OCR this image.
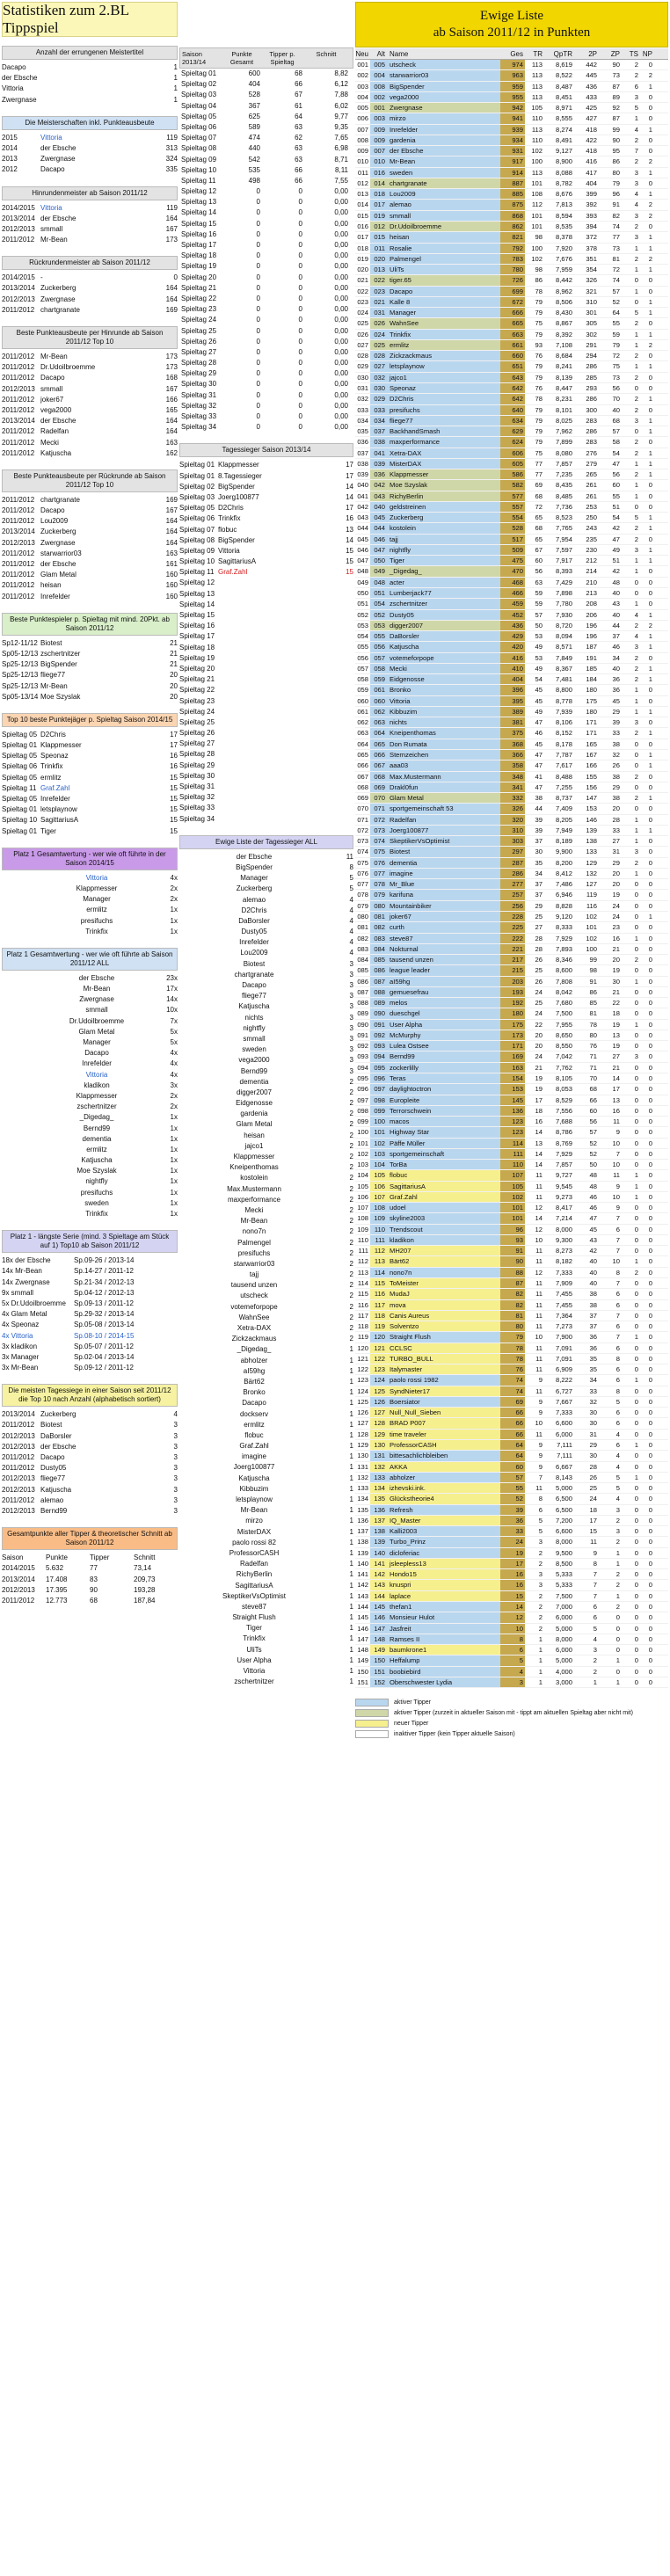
Statistiken zum 2.BL Tippspiel
Anzahl der errungenen Meistertitel
Dacapo	1
der Ebsche	1
Vittoria	1
Zwergnase	1
Die Meisterschaften inkl. Punkteausbeute
2015	Vittoria	119
2014	der Ebsche	313
2013	Zwergnase	324
2012	Dacapo	335
Hinrundenmeister ab Saison 2011/12
2014/2015 Vittoria	119
2013/2014 der Ebsche	164
2012/2013 smmall	167
2011/2012 Mr-Bean	173
Rückrundenmeister ab Saison 2011/12
2014/2015 -	0
2013/2014 Zuckerberg	164
2012/2013 Zwergnase	164
2011/2012 chartgranate	169
Beste Punkteausbeute per Hinrunde ab Saison 2011/12 Top 10
2011/2012 Mr-Bean	173
2011/2012 Dr.Udoilbroemme	173
2011/2012 Dacapo	168
2012/2013 smmall	167
2011/2012 joker67	166
2011/2012 vega2000	165
2013/2014 der Ebsche	164
2011/2012 Radelfan	164
2011/2012 Mecki	163
2011/2012 Katjuscha	162
Beste Punkteausbeute per Rückrunde ab Saison 2011/12 Top 10
2011/2012 chartgranate	169
2011/2012 Dacapo	167
2011/2012 Lou2009	164
2013/2014 Zuckerberg	164
2012/2013 Zwergnase	164
2011/2012 starwarrior03	163
2011/2012 der Ebsche	161
2011/2012 Glam Metal	160
2011/2012 heisan	160
2011/2012 Inrefelder	160
Beste Punktespieler p. Spieltag mit mind. 20Pkt. ab Saison 2011/12
Sp12-11/12 Biotest	21
Sp05-12/13 zschertnitzer	21
Sp25-12/13 BigSpender	21
Sp25-12/13 fliege77	20
Sp25-12/13 Mr-Bean	20
Sp05-13/14 Moe Szyslak	20
Top 10 beste Punktejäger p. Spieltag Saison 2014/15
Spieltag 05 D2Chris	17
Spieltag 01 Klappmesser	17
Spieltag 05 Speonaz	16
Spieltag 06 Trinkfix	16
Spieltag 05 ermlitz	15
Spieltag 11 Graf.Zahl	15
Spieltag 05 Inrefelder	15
Spieltag 01 letsplaynow	15
Spieltag 10 SagittariusA	15
Spieltag 01 Tiger	15
Platz 1 Gesamtwertung - wer wie oft führte in der Saison 2014/15
Vittoria	4x
Klappmesser	2x
Manager	2x
ermlitz	1x
presifuchs	1x
Trinkfix	1x
Platz 1 Gesamtwertung - wer wie oft führte ab Saison 2011/12 ALL
der Ebsche	23x
Mr-Bean	17x
Zwergnase	14x
smmall	10x
Dr.Udoilbroemme	7x
Glam Metal	5x
Manager	5x
Dacapo	4x
Inrefelder	4x
Vittoria	4x
kladikon	3x
Klappmesser	2x
zschertnitzer	2x
_Digedag_	1x
Bernd99	1x
dementia	1x
ermlitz	1x
Katjuscha	1x
Moe Szyslak	1x
nightfly	1x
presifuchs	1x
sweden	1x
Trinkfix	1x
Platz 1 - längste Serie (mind. 3 Spieltage am Stück auf 1) Top10 ab Saison 2011/12
18x der Ebsche	Sp.09-26 / 2013-14
14x Mr-Bean	Sp.14-27 / 2011-12
14x Zwergnase	Sp.21-34 / 2012-13
9x smmall	Sp.04-12 / 2012-13
5x Dr.Udoilbroemme	Sp.09-13 / 2011-12
4x Glam Metal	Sp.29-32 / 2013-14
4x Speonaz	Sp.05-08 / 2013-14
4x Vittoria	Sp.08-10 / 2014-15
3x kladikon	Sp.05-07 / 2011-12
3x Manager	Sp.02-04 / 2013-14
3x Mr-Bean	Sp.09-12 / 2011-12
Die meisten Tagessiege in einer Saison seit 2011/12 die Top 10 nach Anzahl (alphabetisch sortiert)
2013/2014 Zuckerberg	4
2011/2012 Biotest	3
2012/2013 DaBorsler	3
2012/2013 der Ebsche	3
2011/2012 Dacapo	3
2011/2012 Dusty05	3
2012/2013 fliege77	3
2012/2013 Katjuscha	3
2011/2012 alemao	3
2012/2013 Bernd99	3
Gesamtpunkte aller Tipper & theoretischer Schnitt ab Saison 2011/12
Saison	Punkte	Tipper	Schnitt
2014/2015	5.632	77	73,14
2013/2014	17.408	83	209,73
2012/2013	17.395	90	193,28
2011/2012	12.773	68	187,84
Saison 2013/14
Punkte Gesamt
Tipper p. Spieltag
Schnitt
Spieltag 01	600	68	8,82
Spieltag 02	404	66	6,12
Spieltag 03	528	67	7,88
Spieltag 04	367	61	6,02
Spieltag 05	625	64	9,77
Spieltag 06	589	63	9,35
Spieltag 07	474	62	7,65
Spieltag 08	440	63	6,98
Spieltag 09	542	63	8,71
Spieltag 10	535	66	8,11
Spieltag 11	498	66	7,55
Spieltag 12	0	0	0,00
Spieltag 13	0	0	0,00
Spieltag 14	0	0	0,00
Spieltag 15	0	0	0,00
Spieltag 16	0	0	0,00
Spieltag 17	0	0	0,00
Spieltag 18	0	0	0,00
Spieltag 19	0	0	0,00
Spieltag 20	0	0	0,00
Spieltag 21	0	0	0,00
Spieltag 22	0	0	0,00
Spieltag 23	0	0	0,00
Spieltag 24	0	0	0,00
Spieltag 25	0	0	0,00
Spieltag 26	0	0	0,00
Spieltag 27	0	0	0,00
Spieltag 28	0	0	0,00
Spieltag 29	0	0	0,00
Spieltag 30	0	0	0,00
Spieltag 31	0	0	0,00
Spieltag 32	0	0	0,00
Spieltag 33	0	0	0,00
Spieltag 34	0	0	0,00
Tagessieger Saison 2013/14
Spieltag 01 Klappmesser	17
Spieltag 01 8.Tagessieger	17
Spieltag 02 BigSpender	14
Spieltag 03 Joerg100877	14
Spieltag 05 D2Chris	17
Spieltag 06 Trinkfix	16
Spieltag 07 flobuc	13
Spieltag 08 BigSpender	14
Spieltag 09 Vittoria	15
Spieltag 10 SagittariusA	15
Spieltag 11 Graf.Zahl	15
Spieltag 12
Spieltag 13
Spieltag 14
Spieltag 15
Spieltag 16
Spieltag 17
Spieltag 18
Spieltag 19
Spieltag 20
Spieltag 21
Spieltag 22
Spieltag 23
Spieltag 24
Spieltag 25
Spieltag 26
Spieltag 27
Spieltag 28
Spieltag 29
Spieltag 30
Spieltag 31
Spieltag 32
Spieltag 33
Spieltag 34
Ewige Liste der Tagessieger ALL
der Ebsche	11
BigSpender	8
Manager	5
Zuckerberg	5
alemao	4
D2Chris	4
DaBorsler	4
Dusty05	4
Inrefelder	4
Lou2009	4
Biotest	3
chartgranate	3
Dacapo	3
fliege77	3
Katjuscha	3
nichts	3
nightfly	3
smmall	3
sweden	3
vega2000	3
Bernd99	3
dementia	2
digger2007	2
Eidgenosse	2
gardenia	2
Glam Metal	2
heisan	2
jajco1	2
Klappmesser	2
Kneipenthomas	2
kostolein	2
Max.Mustermann	2
maxperformance	2
Mecki	2
Mr-Bean	2
nono7n	2
Palmengel	2
presifuchs	2
starwarrior03	2
tajj	2
tausend unzen	2
utscheck	2
votemeforpope	2
WahnSee	2
Xetra-DAX	2
Zickzackmaus	2
_Digedag_	1
abholzer	1
aI59hg	1
Bärt62	1
Bronko	1
Dacapo	1
dockserv	1
ermlitz	1
flobuc	1
Graf.Zahl	1
imagine	1
Joerg100877	1
Katjuscha	1
Kibbuzim	1
letsplaynow	1
Mr-Bean	1
mirzo	1
MisterDAX	1
paolo rossi 82	1
ProfessorCASH	1
Radelfan	1
RichyBerlin	1
SagittariusA	1
SkeptikerVsOptimist	1
steve87	1
Straight Flush	1
Tiger	1
Trinkfix	1
UliTs	1
User Alpha	1
Vittoria	1
zschertnitzer	1
Ewige Liste
ab Saison 2011/12 in Punkten
Neu	Alt Name	Ges	TR	QpTR	2P	ZP	TS NP
001 005 utscheck	974	113	8,619	442	90	2	0
002 004 starwarrior03	963	113	8,522	445	73	2	2
003 008 BigSpender	959	113	8,487	436	87	6	1
004 002 vega2000	955	113	8,451	433	89	3	0
005 001 Zwergnase	942	105	8,971	425	92	5	0
006 003 mirzo	941	110	8,555	427	87	1	0
007 009 Inrefelder	939	113	8,274	418	99	4	1
008 009 gardenia	934	110	8,491	422	90	2	0
009 007 der Ebsche	931	102	9,127	418	95	7	0
010 010 Mr-Bean	917	100	8,900	416	86	2	2
011 016 sweden	914	113	8,088	417	80	3	1
012 014 chartgranate	887	101	8,782	404	79	3	0
013 018 Lou2009	885	108	8,676	399	96	4	1
014 017 alemao	875	112	7,813	392	91	4	2
015 019 smmall	868	101	8,594	393	82	3	2
016 012 Dr.Udoilbroemme	862	101	8,535	394	74	2	0
017 015 heisan	821	98	8,378	372	77	3	1
018 011 Rosalie	792	100	7,920	378	73	1	1
019 020 Palmengel	783	102	7,676	351	81	2	2
020 013 UliTs	780	98	7,959	354	72	1	1
021 022 tiger.65	726	86	8,442	326	74	0	0
022 023 Dacapo	699	78	8,962	321	57	1	0
023 021 Kalle 8	672	79	8,506	310	52	0	1
024 031 Manager	666	79	8,430	301	64	5	1
025 026 WahnSee	665	75	8,867	305	55	2	0
026 024 Trinkfix	663	79	8,392	302	59	1	1
027 025 ermlitz	661	93	7,108	291	79	1	2
028 028 Zickzackmaus	660	76	8,684	294	72	2	0
029 027 letsplaynow	651	79	8,241	286	75	1	1
030 032 jajco1	643	79	8,139	285	73	2	0
031 030 Speonaz	642	76	8,447	293	56	0	0
032 029 D2Chris	642	78	8,231	286	70	2	1
033 033 presifuchs	640	79	8,101	300	40	2	0
034 034 fliege77	634	79	8,025	283	68	3	1
035 037 BackhandSmash	629	79	7,962	286	57	0	1
036 038 maxperformance	624	79	7,899	283	58	2	0
037 041 Xetra-DAX	606	75	8,080	276	54	2	1
038 039 MisterDAX	605	77	7,857	279	47	1	1
039 036 Klappmesser	586	77	7,235	265	56	2	1
040 042 Moe Szyslak	582	69	8,435	261	60	1	0
041 043 RichyBerlin	577	68	8,485	261	55	1	0
042 040 geldstreinen	557	72	7,736	253	51	0	0
043 045 Zuckerberg	554	65	8,523	250	54	5	1
044 044 kostolein	528	68	7,765	243	42	2	1
045 046 tajj	517	65	7,954	235	47	2	0
046 047 nightfly	509	67	7,597	230	49	3	1
047 050 Tiger	475	60	7,917	212	51	1	1
048 049 _Digedag_	470	56	8,393	214	42	1	0
049 048 acter	468	63	7,429	210	48	0	0
050 051 Lumberjack77	466	59	7,898	213	40	0	0
051 054 zschertnitzer	459	59	7,780	208	43	1	0
052 052 Dusty05	452	57	7,930	206	40	4	1
053 053 digger2007	436	50	8,720	196	44	2	2
054 055 DaBorsler	429	53	8,094	196	37	4	1
055 056 Katjuscha	420	49	8,571	187	46	3	1
056 057 votemeforpope	416	53	7,849	191	34	2	0
057 058 Mecki	410	49	8,367	185	40	2	1
058 059 Eidgenosse	404	54	7,481	184	36	2	1
059 061 Bronko	396	45	8,800	180	36	1	0
060 060 Vittoria	395	45	8,778	175	45	1	0
061 062 Kibbuzim	389	49	7,939	180	29	1	1
062 063 nichts	381	47	8,106	171	39	3	0
063 064 Kneipenthomas	375	46	8,152	171	33	2	1
064 065 Don Rumata	368	45	8,178	165	38	0	0
065 066 Sternzeichen	366	47	7,787	167	32	0	1
066 067 aaa03	358	47	7,617	166	26	0	1
067 068 Max.Mustermann	348	41	8,488	155	38	2	0
068 069 Drakl0fun	341	47	7,255	156	29	0	0
069 070 Glam Metal	332	38	8,737	147	38	2	1
070 071 sportgemeinschaft 53	326	44	7,409	153	20	0	0
071 072 Radelfan	320	39	8,205	146	28	1	0
072 073 Joerg100877	310	39	7,949	139	33	1	1
073 074 SkeptikerVsOptimist	303	37	8,189	138	27	1	0
074 075 Biotest	297	30	9,900	133	31	3	0
075 076 dementia	287	35	8,200	129	29	2	0
076 077 imagine	286	34	8,412	132	20	1	0
077 078 Mr_Blue	277	37	7,486	127	20	0	0
078 079 karifuna	257	37	6,946	119	19	0	0
079 080 Mountainbiker	256	29	8,828	116	24	0	0
080 081 joker67	228	25	9,120	102	24	0	1
081 082 curth	225	27	8,333	101	23	0	0
082 083 steve87	222	28	7,929	102	16	1	0
083 084 Nokturnal	221	28	7,893	100	21	0	0
084 085 tausend unzen	217	26	8,346	99	20	2	0
085 086 league leader	215	25	8,600	98	19	0	0
086 087 aI59hg	203	26	7,808	91	30	1	0
087 088 gemuesefrau	193	24	8,042	86	21	0	0
088 089 melos	192	25	7,680	85	22	0	0
089 090 dueschgel	180	24	7,500	81	18	0	0
090 091 User Alpha	175	22	7,955	78	19	1	0
091 092 McMurphy	173	20	8,650	80	13	0	0
092 093 Lulea Ostsee	171	20	8,550	76	19	0	0
093 094 Bernd99	169	24	7,042	71	27	3	0
094 095 zockerlilly	163	21	7,762	71	21	0	0
095 096 Teras	154	19	8,105	70	14	0	0
096 097 daylightoctron	153	19	8,053	68	17	0	0
097 098 Europleite	145	17	8,529	66	13	0	0
098 099 Terrorschwein	136	18	7,556	60	16	0	0
099 100 macos	123	16	7,688	56	11	0	0
100 101 Highway Star	123	14	8,786	57	9	0	0
101 102 Päffe Müller	114	13	8,769	52	10	0	0
102 103 sportgemeinschaft	111	14	7,929	52	7	0	0
103 104 TorBa	110	14	7,857	50	10	0	0
104 105 flobuc	107	11	9,727	48	11	1	0
105 106 SagittariusA	105	11	9,545	48	9	1	0
106 107 Graf.Zahl	102	11	9,273	46	10	1	0
107 108 udoel	101	12	8,417	46	9	0	0
108 109 skyline2003	101	14	7,214	47	7	0	0
109 110 Trendscout	96	12	8,000	45	6	0	0
110 111 kladikon	93	10	9,300	43	7	0	0
111 112 MH207	91	11	8,273	42	7	0	0
112 113 Bärt62	90	11	8,182	40	10	1	0
113 114 nono7n	88	12	7,333	40	8	2	0
114 115 ToMeister	87	11	7,909	40	7	0	0
115 116 MudaJ	82	11	7,455	38	6	0	0
116 117 mova	82	11	7,455	38	6	0	0
117 118 Canis Aureus	81	11	7,364	37	7	0	0
118 119 Solventzo	80	11	7,273	37	6	0	0
119 120 Straight Flush	79	10	7,900	36	7	1	0
120 121 CCLSC	78	11	7,091	36	6	0	0
121 122 TURBO_BULL	78	11	7,091	35	8	0	0
122 123 Italymaster	76	11	6,909	35	6	0	0
123 124 paolo rossi 1982	74	9	8,222	34	6	1	0
124 125 SyndNieter17	74	11	6,727	33	8	0	0
125 126 Boersiator	69	9	7,667	32	5	0	0
126 127 Null_Null_Sieben	66	9	7,333	30	6	0	0
127 128 BRAD P007	66	10	6,600	30	6	0	0
128 129 time traveler	66	11	6,000	31	4	0	0
129 130 ProfessorCASH	64	9	7,111	29	6	1	0
130 131 bittesachlichbleiben	64	9	7,111	30	4	0	0
131 132 AKKA	60	9	6,667	28	4	0	0
132 133 abholzer	57	7	8,143	26	5	1	0
133 134 izhevski.ink.	55	11	5,000	25	5	0	0
134 135 Glückstheorie4	52	8	6,500	24	4	0	0
135 136 Refresh	39	6	6,500	18	3	0	0
136 137 IQ_Master	36	5	7,200	17	2	0	0
137 138 Kalli2003	33	5	6,600	15	3	0	0
138 139 Turbo_Prinz	24	3	8,000	11	2	0	0
139 140 dicloferiac	19	2	9,500	9	1	0	0
140 141 jsleepless13	17	2	8,500	8	1	0	0
141 142 Hondo15	16	3	5,333	7	2	0	0
142 143 knuspri	16	3	5,333	7	2	0	0
143 144 laplace	15	2	7,500	7	1	0	0
144 145 thefan1	14	2	7,000	6	2	0	0
145 146 Monsieur Hulot	12	2	6,000	6	0	0	0
146 147 Jasfreit	10	2	5,000	5	0	0	0
147 148 Ramses II	8	1	8,000	4	0	0	0
148 149 baumkrone1	6	1	6,000	3	0	0	0
149 150 Heffalump	5	1	5,000	2	1	0	0
150 151 boobiebird	4	1	4,000	2	0	0	0
151 152 Oberschwester Lydia	3	1	3,000	1	1	0	0
aktiver Tipper
aktiver Tipper (zurzeit in aktueller Saison mit - tippt am aktuellen Spieltag aber nicht mit)
neuer Tipper
inaktiver Tipper (kein Tipper aktuelle Saison)
